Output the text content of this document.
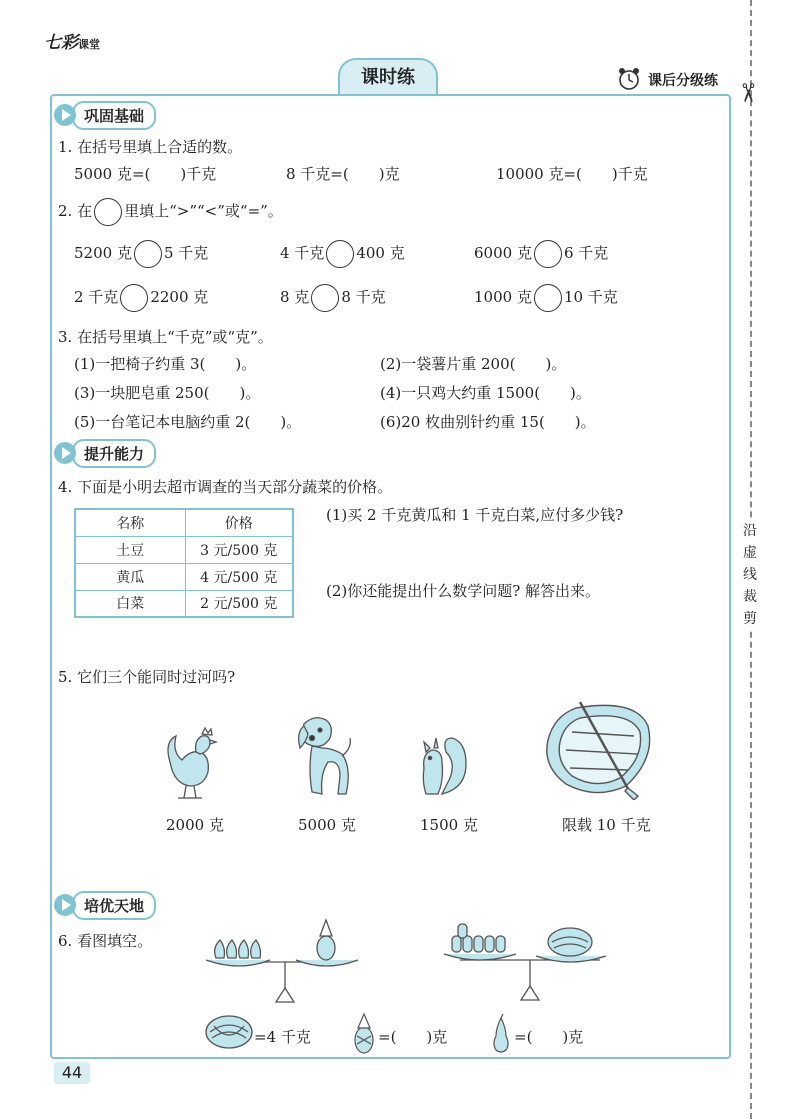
七彩课堂
课时练	课后分级练
✂
沿
虚
线
裁
剪
巩固基础
1. 在括号里填上合适的数。
5000 克=(　　)千克	8 千克=(　　)克	10000 克=(　　)千克
2. 在 里填上“>”“<”或“=”。
5200 克 5 千克	4 千克 400 克	6000 克 6 千克
2 千克 2200 克	8 克 8 千克	1000 克 10 千克
3. 在括号里填上“千克”或“克”。
(1)一把椅子约重 3(　　)。	(2)一袋薯片重 200(　　)。
(3)一块肥皂重 250(　　)。	(4)一只鸡大约重 1500(　　)。
(5)一台笔记本电脑约重 2(　　)。	(6)20 枚曲别针约重 15(　　)。
提升能力
4. 下面是小明去超市调查的当天部分蔬菜的价格。
名称	价格
土豆	3 元/500 克
黄瓜	4 元/500 克
白菜	2 元/500 克
(1)买 2 千克黄瓜和 1 千克白菜,应付多少钱?
(2)你还能提出什么数学问题? 解答出来。
5. 它们三个能同时过河吗?
2000 克	5000 克	1500 克	限载 10 千克
培优天地
6. 看图填空。
=4 千克	=(　　)克	=(　　)克
44
